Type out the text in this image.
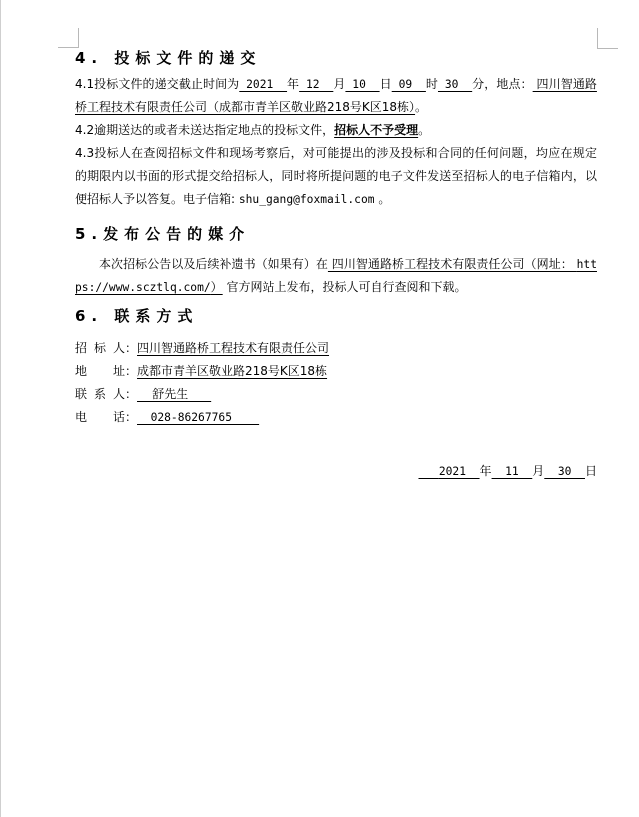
4. 投标文件的递交

4.1投标文件的递交截止时间为 2021  年 12  月 10  日 09  时 30  分，地点： 四川智通路桥工程技术有限责任公司（成都市青羊区敬业路218号K区18栋）。

4.2逾期送达的或者未送达指定地点的投标文件，招标人不予受理。

4.3投标人在查阅招标文件和现场考察后，对可能提出的涉及投标和合同的任何问题，均应在规定的期限内以书面的形式提交给招标人，同时将所提问题的电子文件发送至招标人的电子信箱内，以便招标人予以答复。电子信箱: shu_gang@foxmail.com 。

5.发布公告的媒介

本次招标公告以及后续补遗书（如果有）在 四川智通路桥工程技术有限责任公司（网址： https://www.scztlq.com/） 官方网站上发布，投标人可自行查阅和下载。

6. 联系方式
招 标 人：四川智通路桥工程技术有限责任公司
地 址：成都市青羊区敬业路218号K区18栋
联 系 人：    舒先生
电 话：  028-86267765
2021  年  11  月  30  日
